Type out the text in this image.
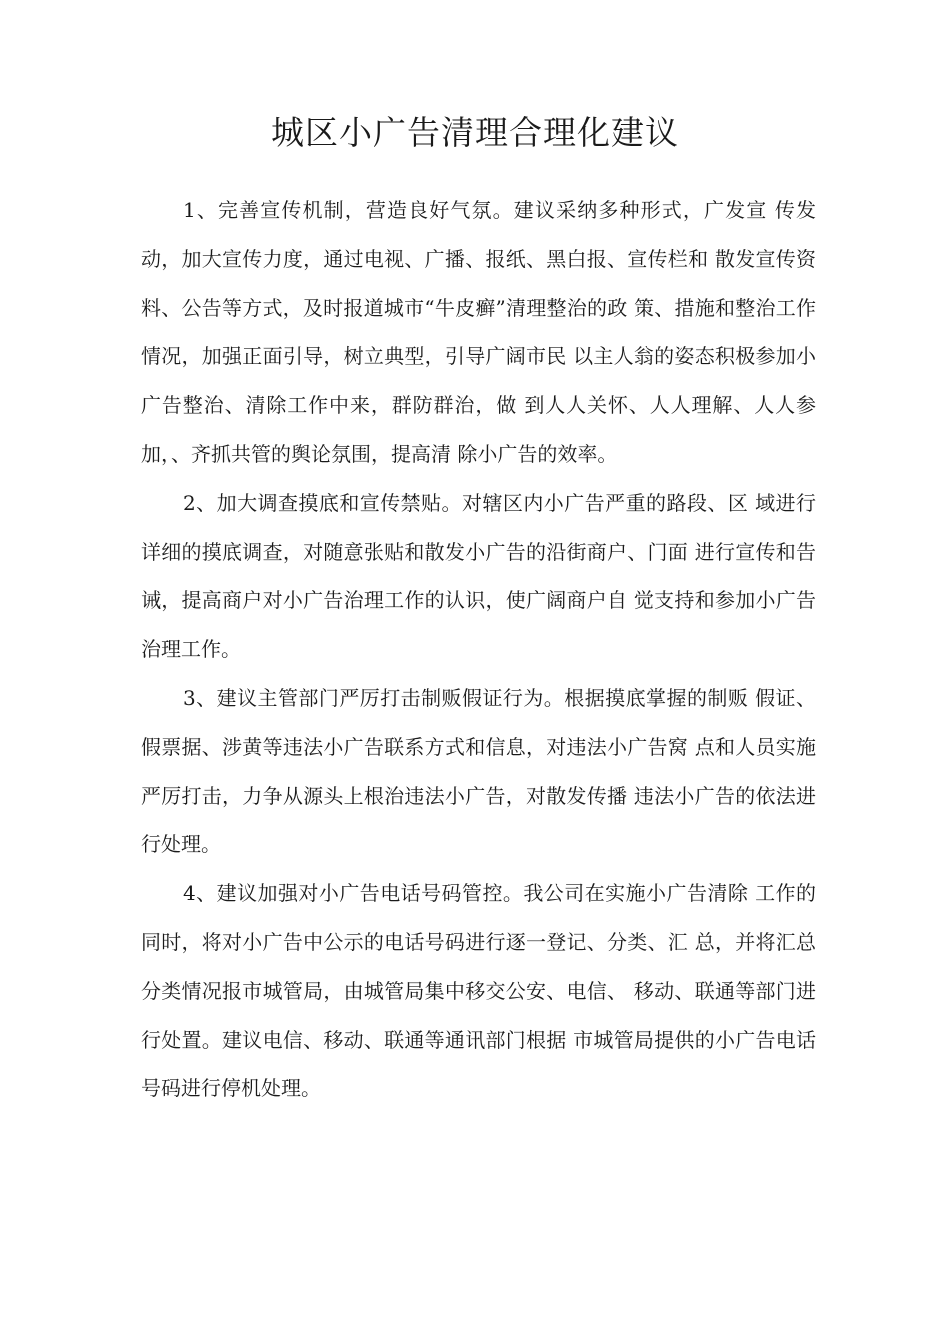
城区小广告清理合理化建议

1、完善宣传机制，营造良好气氛。建议采纳多种形式，广发宣 传发动，加大宣传力度，通过电视、广播、报纸、黑白报、宣传栏和 散发宣传资料、公告等方式，及时报道城市“牛皮癣”清理整治的政 策、措施和整治工作情况，加强正面引导，树立典型，引导广阔市民 以主人翁的姿态积极参加小广告整治、清除工作中来，群防群治，做 到人人关怀、人人理解、人人参加，、齐抓共管的舆论氛围，提高清 除小广告的效率。

2、加大调查摸底和宣传禁贴。对辖区内小广告严重的路段、区 域进行详细的摸底调查，对随意张贴和散发小广告的沿街商户、门面 进行宣传和告诫，提高商户对小广告治理工作的认识，使广阔商户自 觉支持和参加小广告治理工作。

3、建议主管部门严厉打击制贩假证行为。根据摸底掌握的制贩 假证、假票据、涉黄等违法小广告联系方式和信息，对违法小广告窝 点和人员实施严厉打击，力争从源头上根治违法小广告，对散发传播 违法小广告的依法进行处理。

4、建议加强对小广告电话号码管控。我公司在实施小广告清除 工作的同时，将对小广告中公示的电话号码进行逐一登记、分类、汇 总，并将汇总分类情况报市城管局，由城管局集中移交公安、电信、 移动、联通等部门进行处置。建议电信、移动、联通等通讯部门根据 市城管局提供的小广告电话号码进行停机处理。
